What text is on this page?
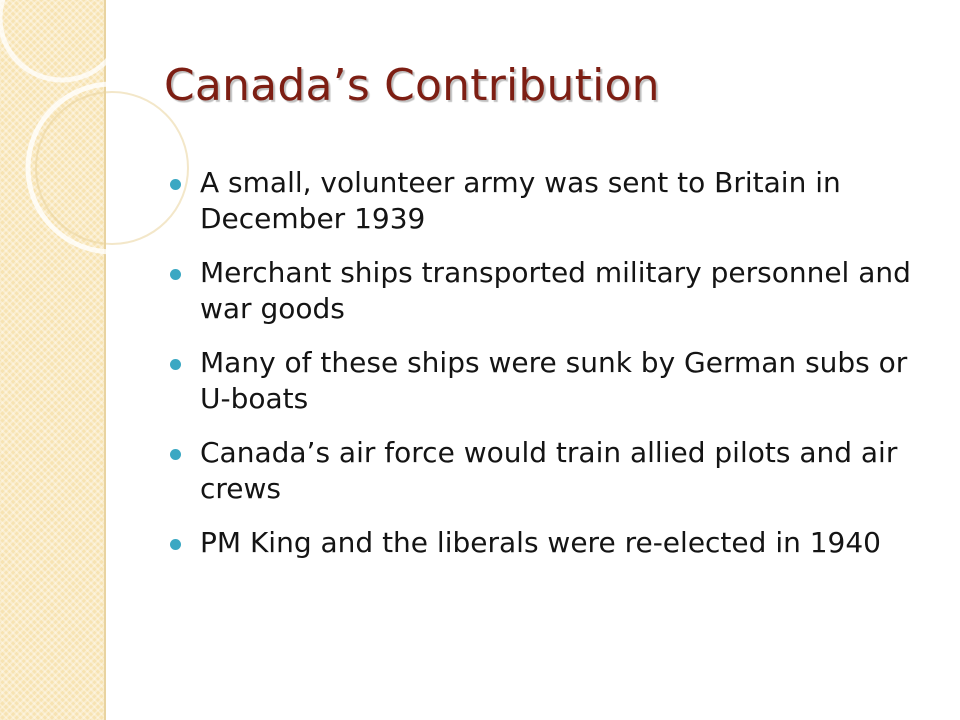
Canada’s Contribution
A small, volunteer army was sent to Britain in December 1939
Merchant ships transported military personnel and war goods
Many of these ships were sunk by German subs or U-boats
Canada’s air force would train allied pilots and air crews
PM King and the liberals were re-elected in 1940
